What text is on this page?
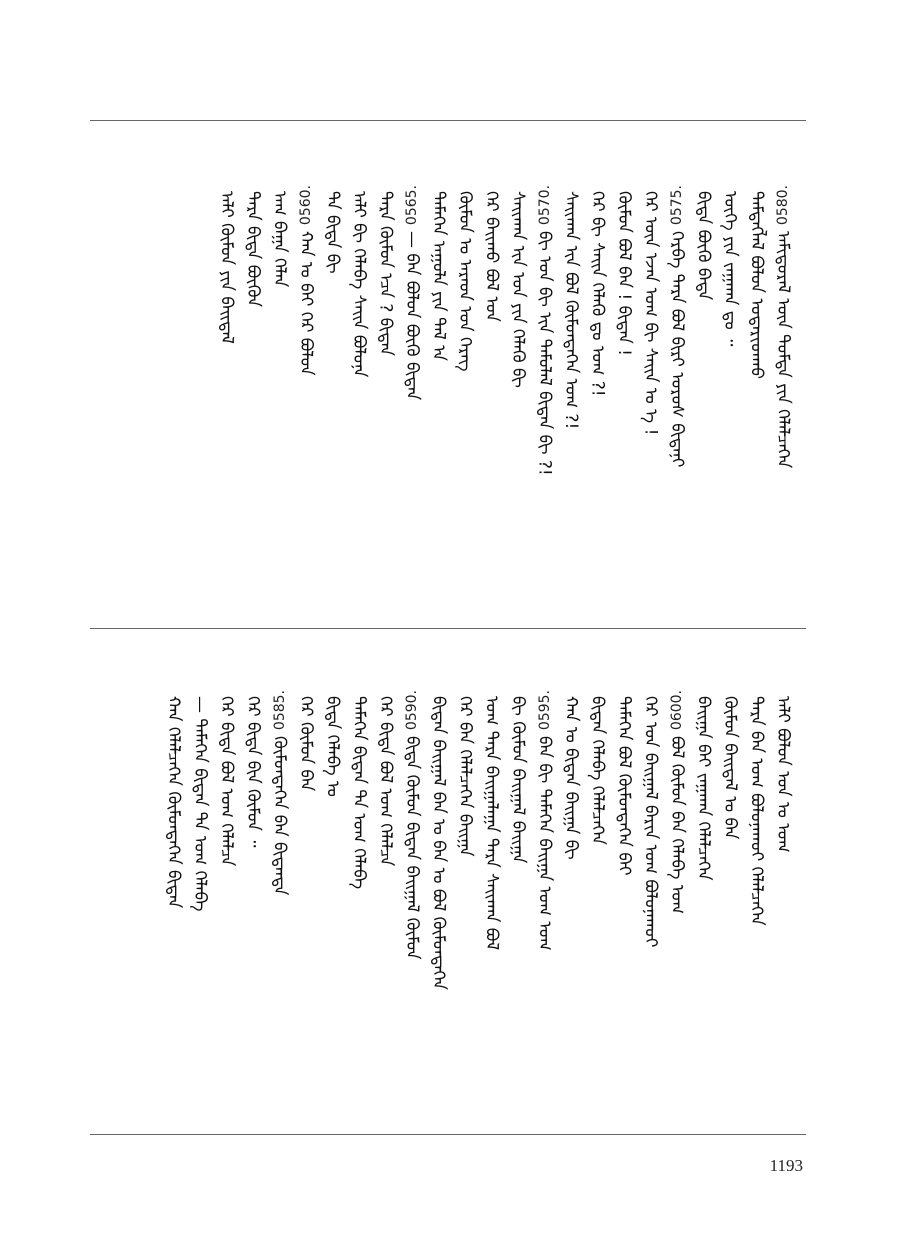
0580.ᠠᠮᠢᠳᠤᠷᠠᠯ ᠦᠨ ᠳᠤᠮᠳᠠ ᠶᠢᠨ ᠬᠡᠯᠡᠯᠴᠡᠭᠡᠨ
ᠲᠡᠮᠳᠡᠭᠯᠡᠯ ᠪᠣᠯᠤᠨ ᠤᠳᠠᠷᠢᠳᠬᠤ
ᠦᠭᠡ ᠶᠢᠨ ᠵᠠᠭᠠᠬᠠ ᠳᠤ ᠃
ᠪᠢᠳᠡ ᠪᠦᠬᠦ ᠪᠠᠳᠠ
0575.ᠬᠡᠷᠪᠡ ᠲᠡᠷᠡ ᠪᠣᠯ ᠪᠢᠷᠢ ᠤᠷᠤᠰ ᠪᠢᠳᠡᠨᠢ
ᠭᠡᠷ ᠦᠨ ᠡᠵᠡᠨ ᠤᠭ ᠪᠢ ᠰᠠᠢᠨ ᠤ ᠡ !
ᠬᠦᠮᠦᠨ ᠪᠣᠯ ᠪᠠᠨ ! ᠪᠢᠳᠡᠨ !
ᠭᠡᠷ ᠪᠢ ᠰᠠᠢᠨ ᠬᠡᠯᠡᠬᠦ ᠳᠤ ᠤᠬ ?!
ᠰᠠᠢᠬᠠᠨ ᠢᠨ ᠪᠣᠯ ᠬᠦᠮᠦᠨᠳᠡᠭᠡᠨ ᠤᠬ ?!
0570.ᠪᠢ ᠤᠨ ᠪᠢ ᠢᠨ ᠲᠡᠮᠦᠯᠡᠯ ᠪᠢᠳᠡᠨ ᠪᠢ ?!
ᠰᠠᠢᠬᠠᠨ ᠢᠨ ᠤᠨ ᠶᠢᠨ ᠬᠡᠯᠡᠬᠦ ᠪᠢ
ᠭᠡᠷ ᠪᠠᠢᠬᠤ ᠪᠣᠯ ᠤᠨ
ᠬᠦᠮᠦᠨ ᠤ ᠠᠷᠠᠳ ᠤᠨ ᠬᠡᠷᠡᠭ
ᠲᠡᠮᠡᠭᠡᠨ ᠠᠭᠤᠯᠠ ᠶᠢᠨ ᠲᠠᠯ ᠠ
0565.— ᠪᠠᠨ ᠪᠣᠯᠤᠨ ᠪᠦᠬᠦ ᠪᠢᠳᠡᠨ
ᠲᠡᠷᠡ ᠬᠦᠮᠦᠨ ᠡᠴᠡ ? ᠪᠢᠳᠡᠨ
ᠠᠯᠢ ᠪᠢ ᠬᠡᠯᠡᠪᠡ ᠰᠠᠢᠨ ᠪᠣᠯᠤᠨᠠ
ᠲᠠ ᠪᠢᠳᠡ ᠪᠢ
0560.ᠬᠠᠨ ᠤ ᠪᠠᠢ ᠭᠡᠷ ᠪᠣᠯᠤᠨ
ᠠᠬ ᠪᠠᠭᠠ ᠬᠡᠯᠡᠨ
ᠲᠡᠷᠡ ᠪᠢᠳᠡ ᠪᠦᠬᠦᠨ
ᠠᠯᠢ ᠬᠦᠮᠦᠨ ᠶᠢᠨ ᠪᠠᠢᠳᠠᠯ
ᠠᠯᠢ ᠪᠣᠯᠤᠨ ᠤᠨ ᠤ ᠤᠬ
ᠲᠡᠷᠡ ᠪᠠᠨ ᠤᠬ ᠪᠣᠯᠤᠨᠠᠬᠤᠢ ᠬᠡᠯᠡᠯᠴᠡᠭᠡᠨ
ᠬᠦᠮᠦᠨ ᠪᠠᠢᠳᠠᠯ ᠤ ᠪᠠᠨ
ᠪᠠᠢᠭᠠ ᠪᠠᠢ ᠵᠠᠭᠠᠬᠠ ᠬᠡᠯᠡᠯᠴᠡᠭᠡᠨ
0600.ᠪᠣᠯ ᠬᠦᠮᠦᠨ ᠪᠠᠨ ᠬᠡᠯᠡᠪᠡ ᠤᠬ
ᠭᠡᠷ ᠤᠨ ᠪᠠᠢᠭᠠᠯ ᠪᠠᠷᠢᠨ ᠤᠬ ᠪᠣᠯᠤᠨᠠᠬᠤᠢ
ᠲᠡᠮᠡᠭᠡᠨ ᠪᠣᠯ ᠬᠦᠮᠦᠨᠳᠡᠭᠡᠨ ᠪᠠᠢ
ᠪᠢᠳᠡᠨ ᠬᠡᠯᠡᠪᠡ ᠬᠡᠯᠡᠯᠴᠡᠭᠡᠨ
ᠬᠠᠨ ᠤ ᠪᠢᠳᠡᠨ ᠪᠠᠢᠭᠠ ᠪᠢ
0595.ᠪᠠᠨ ᠪᠢ ᠲᠡᠮᠡᠭᠡᠨ ᠪᠠᠢᠭᠠ ᠤᠬ ᠤᠬ
ᠪᠢ ᠬᠦᠮᠦᠨ ᠪᠠᠢᠭᠠᠯ ᠪᠠᠢᠭᠠ
ᠤᠬ ᠲᠡᠷᠡ ᠪᠠᠢᠭᠠᠯᠠᠭᠠ ᠲᠡᠷᠡ ᠰᠠᠢᠬᠠᠨ ᠪᠣᠯ
ᠭᠡᠷ ᠪᠠᠨ ᠬᠡᠯᠡᠯᠴᠡᠭᠡᠨ ᠪᠠᠢᠭᠠ
ᠪᠢᠳᠡᠨ ᠪᠠᠢᠭᠠᠯ ᠪᠠᠨ ᠤ ᠪᠠᠨ ᠤ ᠪᠣᠯ ᠬᠦᠮᠦᠨᠳᠡᠭᠡᠨ
0590.ᠪᠢᠳᠡ ᠬᠦᠮᠦᠨ ᠪᠢᠳᠡᠨ ᠪᠠᠢᠭᠠᠯ ᠬᠦᠮᠦᠨ
ᠭᠡᠷ ᠪᠢᠳᠡ ᠪᠣᠯ ᠤᠬ ᠬᠡᠯᠡᠯᠴᠡ
ᠲᠡᠮᠡᠭᠡᠨ ᠪᠢᠳᠡᠨ ᠲᠡ ᠤᠬ ᠬᠡᠯᠡᠪᠡ
ᠪᠢᠳᠡ ᠬᠡᠯᠡᠪᠡ ᠤ
ᠭᠡᠷ ᠬᠦᠮᠦᠨ ᠪᠠᠨ
0585.ᠬᠦᠮᠦᠨᠳᠡᠭᠡᠨ ᠪᠠᠨ ᠪᠢᠳᠡᠨᠳᠡ
ᠭᠡᠷ ᠪᠢᠳᠡ ᠪᠢᠨ ᠬᠦᠮᠦᠨ ᠃
ᠭᠡᠷ ᠪᠢᠳᠡ ᠪᠣᠯ ᠤᠬ ᠬᠡᠯᠡᠯᠴᠡ
— ᠲᠡᠮᠡᠭᠡᠨ ᠪᠢᠳᠡᠨ ᠲᠡ ᠤᠬ ᠬᠡᠯᠡᠪᠡ
ᠬᠠᠨ ᠬᠡᠯᠡᠯᠴᠡᠭᠡᠨ ᠬᠦᠮᠦᠨᠳᠡᠭᠡᠨ ᠪᠢᠳᠡᠨ
1193
